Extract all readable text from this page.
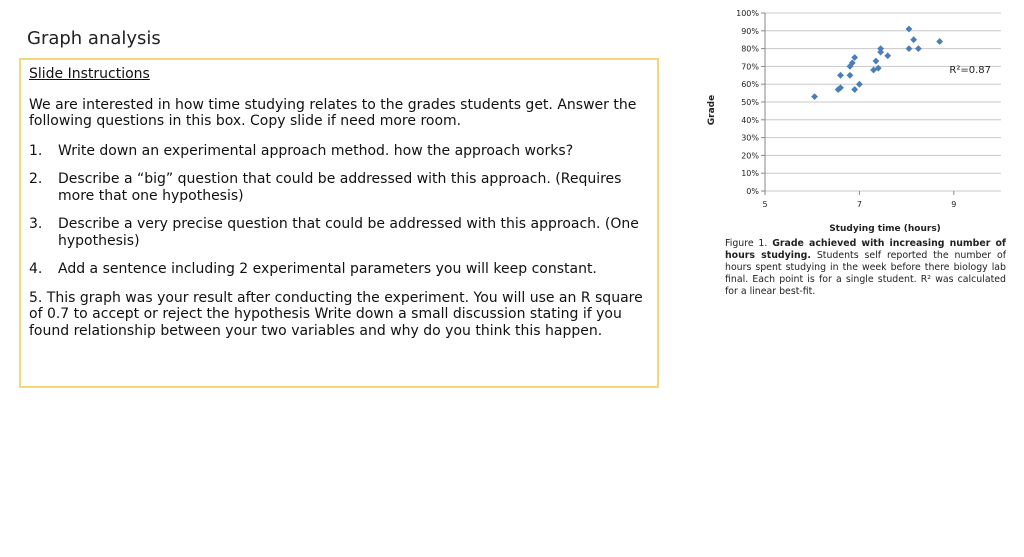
Graph analysis
Slide Instructions

We are interested in how time studying relates to the grades students get. Answer the following questions in this box. Copy slide if need more room.

1.	Write down an experimental approach method. how the approach works?
2.	Describe a “big” question that could be addressed with this approach. (Requires more that one hypothesis)
3.	Describe a very precise question that could be addressed with this approach. (One hypothesis)
4.	Add a sentence including 2 experimental parameters you will keep constant.

5. This graph was your result after conducting the experiment. You will use an R square of 0.7 to accept or reject the hypothesis Write down a small discussion stating if you found relationship between your two variables and why do you think this happen.

0%
10%
20%
30%
40%
50%
60%
70%
80%
90%
100%
5	7	9
Grade
Studying time (hours)
R²=0.87
Figure 1. Grade achieved with increasing number of hours studying. Students self reported the number of hours spent studying in the week before there biology lab final. Each point is for a single student. R² was calculated for a linear best-fit.
